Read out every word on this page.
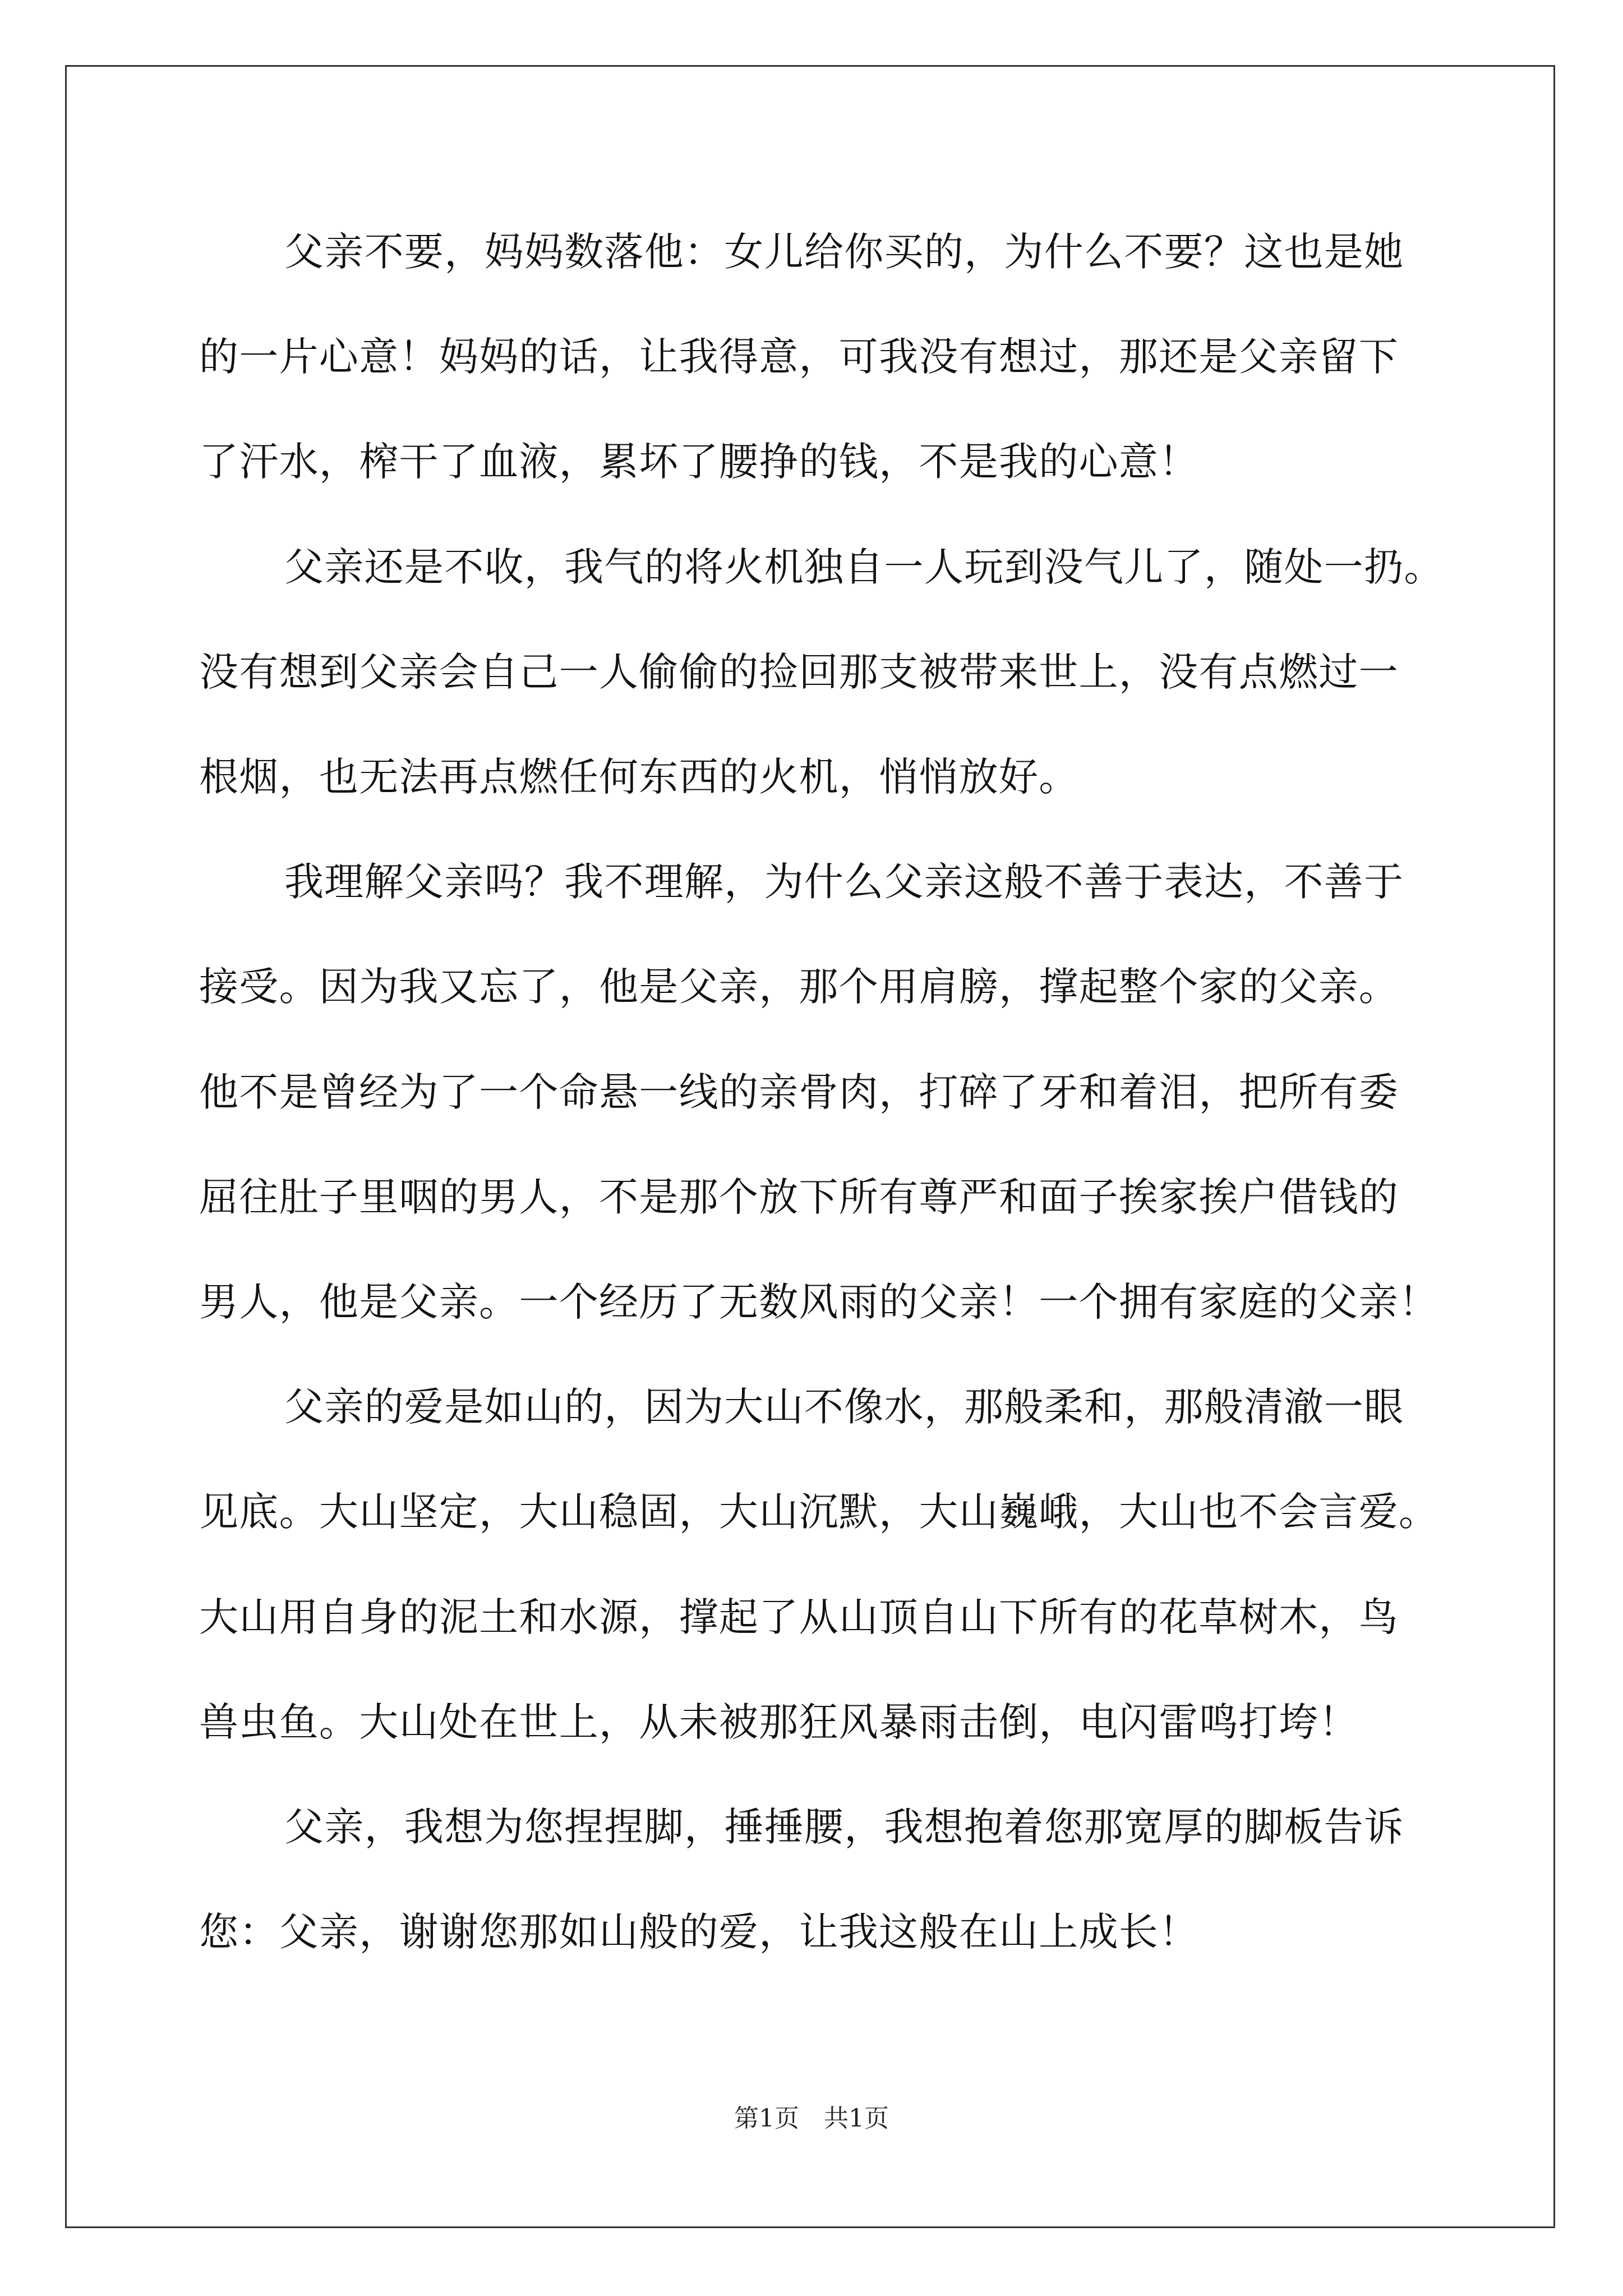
父亲不要，妈妈数落他：女儿给你买的，为什么不要？这也是她
的一片心意！妈妈的话，让我得意，可我没有想过，那还是父亲留下
了汗水，榨干了血液，累坏了腰挣的钱，不是我的心意！
父亲还是不收，我气的将火机独自一人玩到没气儿了，随处一扔。
没有想到父亲会自己一人偷偷的捡回那支被带来世上，没有点燃过一
根烟，也无法再点燃任何东西的火机，悄悄放好。
我理解父亲吗？我不理解，为什么父亲这般不善于表达，不善于
接受。因为我又忘了，他是父亲，那个用肩膀，撑起整个家的父亲。
他不是曾经为了一个命悬一线的亲骨肉，打碎了牙和着泪，把所有委
屈往肚子里咽的男人，不是那个放下所有尊严和面子挨家挨户借钱的
男人，他是父亲。一个经历了无数风雨的父亲！一个拥有家庭的父亲！
父亲的爱是如山的，因为大山不像水，那般柔和，那般清澈一眼
见底。大山坚定，大山稳固，大山沉默，大山巍峨，大山也不会言爱。
大山用自身的泥土和水源，撑起了从山顶自山下所有的花草树木，鸟
兽虫鱼。大山处在世上，从未被那狂风暴雨击倒，电闪雷鸣打垮！
父亲，我想为您捏捏脚，捶捶腰，我想抱着您那宽厚的脚板告诉
您：父亲，谢谢您那如山般的爱，让我这般在山上成长！
第1页　共1页
